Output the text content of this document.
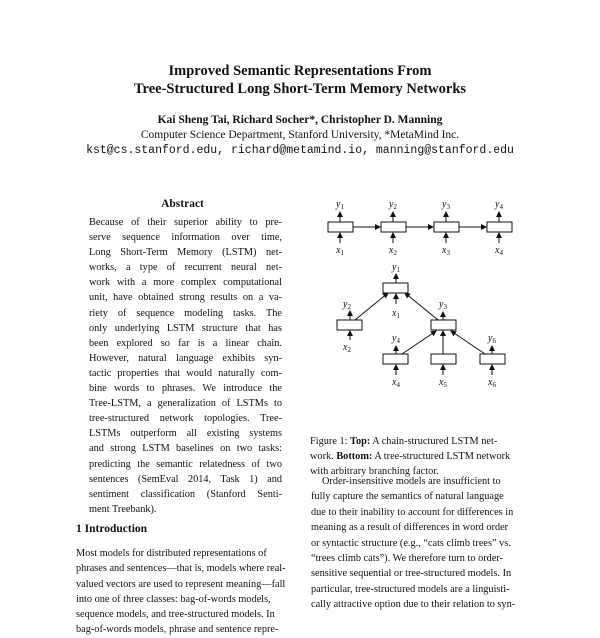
Improved Semantic Representations From
Tree-Structured Long Short-Term Memory Networks
Kai Sheng Tai, Richard Socher*, Christopher D. Manning
Computer Science Department, Stanford University, *MetaMind Inc.
kst@cs.stanford.edu, richard@metamind.io, manning@stanford.edu
Abstract
Because of their superior ability to pre-
serve sequence information over time,
Long Short-Term Memory (LSTM) net-
works, a type of recurrent neural net-
work with a more complex computational
unit, have obtained strong results on a va-
riety of sequence modeling tasks. The
only underlying LSTM structure that has
been explored so far is a linear chain.
However, natural language exhibits syn-
tactic properties that would naturally com-
bine words to phrases. We introduce the
Tree-LSTM, a generalization of LSTMs to
tree-structured network topologies. Tree-
LSTMs outperform all existing systems
and strong LSTM baselines on two tasks:
predicting the semantic relatedness of two
sentences (SemEval 2014, Task 1) and
sentiment classification (Stanford Senti-
ment Treebank).
1 Introduction
Most models for distributed representations of
phrases and sentences—that is, models where real-
valued vectors are used to represent meaning—fall
into one of three classes: bag-of-words models,
sequence models, and tree-structured models. In
bag-of-words models, phrase and sentence repre-
$y_1$	$y_2$	$y_3$	$y_4$
$x_1$	$x_2$	$x_3$	$x_4$
$y_1$
$y_2$	$y_3$
$y_4$	$y_6$
$x_1$
$x_2$
$x_4$	$x_5$	$x_6$
Figure 1: Top: A chain-structured LSTM net-
work. Bottom: A tree-structured LSTM network
with arbitrary branching factor.
Order-insensitive models are insufficient to
fully capture the semantics of natural language
due to their inability to account for differences in
meaning as a result of differences in word order
or syntactic structure (e.g., “cats climb trees” vs.
“trees climb cats”). We therefore turn to order-
sensitive sequential or tree-structured models. In
particular, tree-structured models are a linguisti-
cally attractive option due to their relation to syn-
